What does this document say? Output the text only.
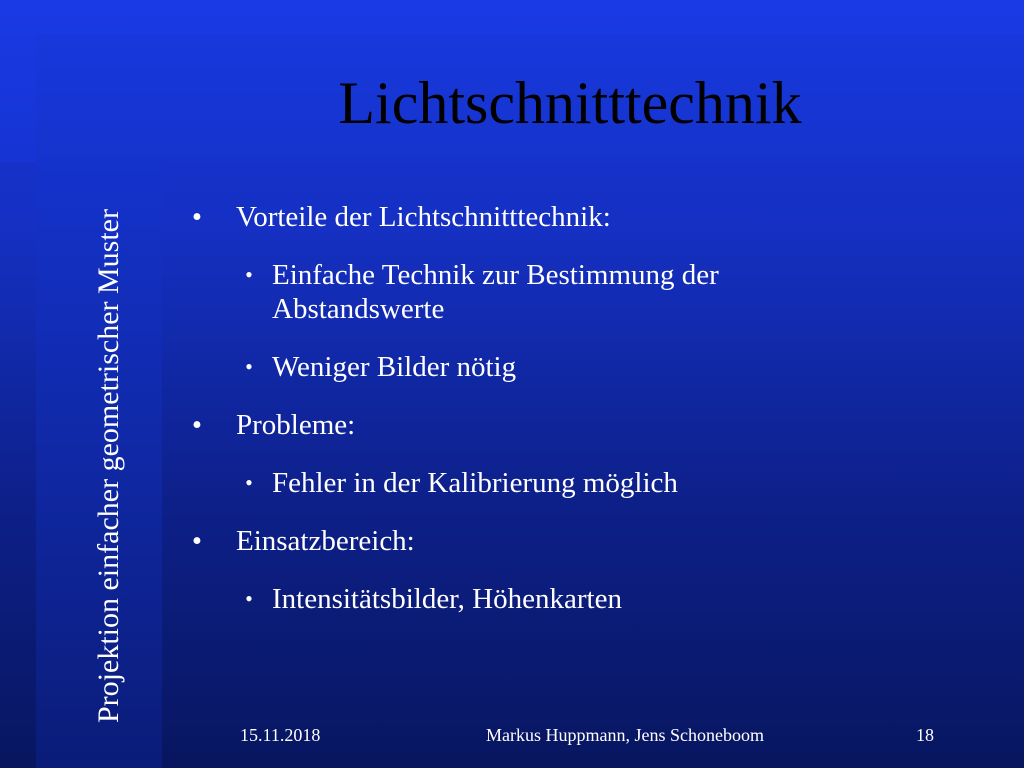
Lichtschnitttechnik
Projektion einfacher geometrischer Muster	•	Vorteile der Lichtschnitttechnik:
• Einfache Technik zur Bestimmung der Abstandswerte
• Weniger Bilder nötig
•	Probleme:
• Fehler in der Kalibrierung möglich
•	Einsatzbereich:
• Intensitätsbilder, Höhenkarten
15.11.2018	Markus Huppmann, Jens Schoneboom	18
